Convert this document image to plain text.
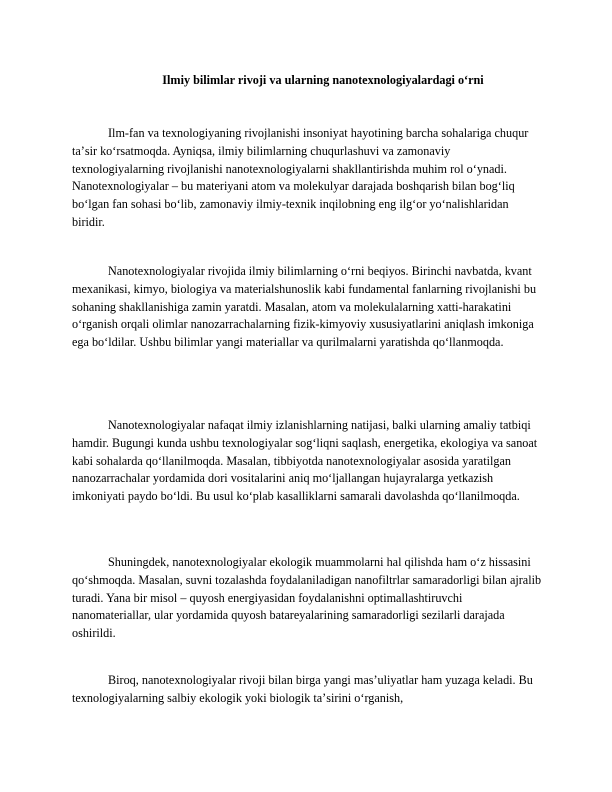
Ilmiy bilimlar rivoji va ularning nanotexnologiyalardagi oʻrni

Ilm-fan va texnologiyaning rivojlanishi insoniyat hayotining barcha sohalariga chuqur taʼsir koʻrsatmoqda. Ayniqsa, ilmiy bilimlarning chuqurlashuvi va zamonaviy texnologiyalarning rivojlanishi nanotexnologiyalarni shakllantirishda muhim rol oʻynadi. Nanotexnologiyalar – bu materiyani atom va molekulyar darajada boshqarish bilan bogʻliq boʻlgan fan sohasi boʻlib, zamonaviy ilmiy-texnik inqilobning eng ilgʻor yoʻnalishlaridan biridir.

Nanotexnologiyalar rivojida ilmiy bilimlarning oʻrni beqiyos. Birinchi navbatda, kvant mexanikasi, kimyo, biologiya va materialshunoslik kabi fundamental fanlarning rivojlanishi bu sohaning shakllanishiga zamin yaratdi. Masalan, atom va molekulalarning xatti-harakatini oʻrganish orqali olimlar nanozarrachalarning fizik-kimyoviy xususiyatlarini aniqlash imkoniga ega boʻldilar. Ushbu bilimlar yangi materiallar va qurilmalarni yaratishda qoʻllanmoqda.

Nanotexnologiyalar nafaqat ilmiy izlanishlarning natijasi, balki ularning amaliy tatbiqi hamdir. Bugungi kunda ushbu texnologiyalar sogʻliqni saqlash, energetika, ekologiya va sanoat kabi sohalarda qoʻllanilmoqda. Masalan, tibbiyotda nanotexnologiyalar asosida yaratilgan nanozarrachalar yordamida dori vositalarini aniq moʻljallangan hujayralarga yetkazish imkoniyati paydo boʻldi. Bu usul koʻplab kasalliklarni samarali davolashda qoʻllanilmoqda.

Shuningdek, nanotexnologiyalar ekologik muammolarni hal qilishda ham oʻz hissasini qoʻshmoqda. Masalan, suvni tozalashda foydalaniladigan nanofiltrlar samaradorligi bilan ajralib turadi. Yana bir misol – quyosh energiyasidan foydalanishni optimallashtiruvchi nanomateriallar, ular yordamida quyosh batareyalarining samaradorligi sezilarli darajada oshirildi.

Biroq, nanotexnologiyalar rivoji bilan birga yangi masʼuliyatlar ham yuzaga keladi. Bu texnologiyalarning salbiy ekologik yoki biologik taʼsirini oʻrganish,
